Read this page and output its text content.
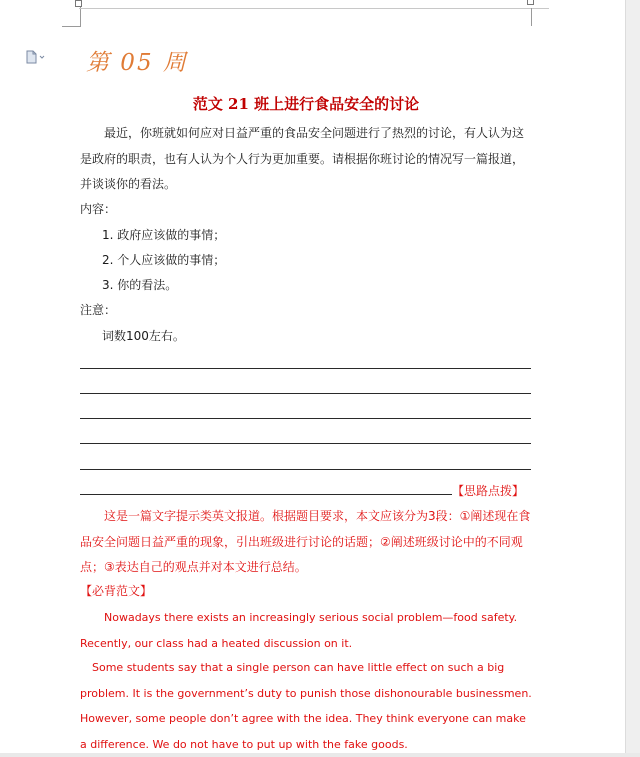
第 05 周
范文 21 班上进行食品安全的讨论

最近，你班就如何应对日益严重的食品安全问题进行了热烈的讨论，有人认为这是政府的职责，也有人认为个人行为更加重要。请根据你班讨论的情况写一篇报道，并谈谈你的看法。

内容：

1. 政府应该做的事情；

2. 个人应该做的事情；

3. 你的看法。

注意：

词数100左右。

【思路点拨】

这是一篇文字提示类英文报道。根据题目要求，本文应该分为3段：①阐述现在食品安全问题日益严重的现象，引出班级进行讨论的话题；②阐述班级讨论中的不同观点；③表达自己的观点并对本文进行总结。

【必背范文】

Nowadays there exists an increasingly serious social problem—food safety. Recently, our class had a heated discussion on it.

Some students say that a single person can have little effect on such a big problem. It is the government’s duty to punish those dishonourable businessmen. However, some people don’t agree with the idea. They think everyone can make a difference. We do not have to put up with the fake goods.
